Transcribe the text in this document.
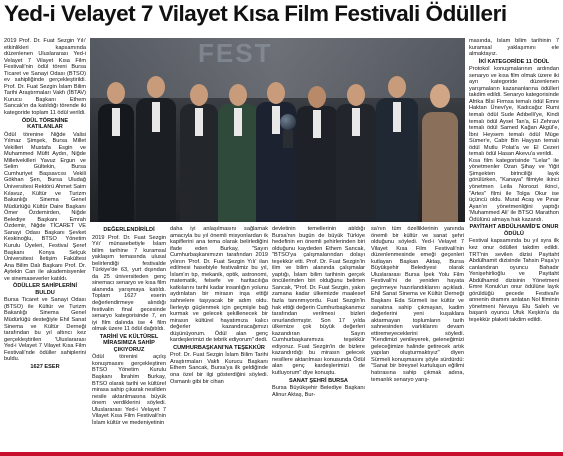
Yed-i Velayet 7 Vilayet Kısa Film Festivali Ödülleri

2019 Prof. Dr. Fuat Sezgin Yılı' etkinlikleri kapsamında düzenlenen Uluslararası Yed-i Velayet 7 Vilayet Kısa Film Festivali'nin ödül töreni Bursa Ticaret ve Sanayi Odası (BTSO) ev sahipliğinde gerçekleştirildi. Prof. Dr. Fuat Sezgin İslam Bilim Tarihi Araştırmaları Vakfı (İBTAV) Kurucu Başkanı Ethem Sancak'ın da katıldığı törende iki kategoride toplam 11 ödül verildi.

ÖDÜL TÖRENİNE KATILANLAR

Ödül törenine Niğde Valisi Yılmaz Şimşek, Bursa Millet Vekilleri Mustafa Esgin ve Muhammed Müfit Aydın, Niğde Milletvekilleri Yavuz Ergun ve Selim Gültekin, Bursa Cumhuriyet Başsavcısı Vekili Gökhan Şen, Bursa Uludağ Üniversitesi Rektörü Ahmet Saim Kılavuz, Kültür ve Turizm Bakanlığı Sinema Genel Müdürlüğü Kültür Daire Başkanı Ömer Özdemirden, Niğde Belediye Başkanı Emrah Özdemir, Niğde TİCARET VE Sanayi Odası Başkanı Şevket Keskinoğlu, BTSO Yönetim Kurulu Üyeleri, Festival Şeref Başkanı Konya Selçuk Üniversitesi İletişim Fakültesi Ana Bilim Dalı Başkanı Prof. Dr. Aytekin Can ile akademisyenler ve sinemaseverler katıldı.

ÖDÜLLER SAHİPLERİNİ BULDU

Bursa Ticaret ve Sanayi Odası (BTSO) ile Kültür ve Turizm Bakanlığı Sinema Genel Müdürlüğü desteğiyle Ehil Sanat Sinema ve Kültür Derneği tarafından bu yıl altıncı kez gerçekleştirilen 'Uluslararası Yed-i Velayet 7 Vilayet Kısa Film Festivali'nde ödüller sahiplerini buldu.

1627 ESER
FEST
DEĞERLENDİRİLDİ

2019 Prof. Dr. Fuat Sezgin Yılı' münasebetiyle İslam bilim tarihine 7 kuramsal yaklaşım temasında ulusal belirlendiği festivalde Türkiye'de 63, yurt dışından da 25 üniversiteden genç sinemacı senaryo ve kısa film alanında yarışmaya katıldı. Toplam 1627 eserin değerlendirmeye alındığı festivalin final gecesinde senaryo kategorisinde 7, en iyi film dalında ise 4 film olmak üzere 11 ödül dağıtıldı.

TARİHİ VE KÜLTÜREL MİRASIMIZA SAHİP ÇIKIYORUZ

Ödül törenini açılış konuşmasını gerçekleştiren BTSO Yönetim Kurulu Başkanı İbrahim Burkay, BTSO olarak tarihi ve kültürel mirasa sahip çıkarak nesilden nesile aktarılmasına büyük önem verdiklerini söyledi. Uluslararası Yed-i Velayet 7 Vilayet Kısa Film Festivali'nin İslam kültür ve medeniyetinin

daha iyi anlaşılmasını sağlamak amacıyla bu yıl önemli misyonlardan ik kapiflerini ana tema olarak belirlediğini ifade eden Burkay, "Sayın Cumhurbaşkanımızın tarafından 2019 yılının 'Prof. Dr. Fuat Sezgin Yılı' ilan edilmesi hasebiyle festivalimiz bu yıl, İslam'ın tıp, mekanik, optik, astronomi, matematik, felsefe ve haritacılığa katkılarını tarihi kadar insanlığın yolunu aydınlatan bir mirasın inşa ettiği sahnelere taşıyacak bir adım oldu. İlerleyip güçlenmek için geçmişle bağ kurmak ve gelecek şekillenecek bir mirasın kültürel hayatımıza kalıcı değerler kazandıracağımızı düşünüyorum. Ödül alan genç kardeşlerimizi de tebrik ediyorum" dedi.

CUMHURBAŞKANI'NA TEŞEKKÜR

Prof. Dr. Fuat Sezgin İslam Bilim Tarihi Araştırmaları Vakfı Kurucu Başkanı Ethem Sancak, Bursa'ya ilk geldiğinde ona özel bir ilgi gösterdiğini söyledi. Osmanlı gibi bir cihan

devletinin temellerinin atıldığı Bursa'nın bugün de büyük Türkiye hedefinin en önemli şehirlerinden biri olduğunu kaydeden Ethem Sancak, "BTSO'ya çalışmalarından dolayı teşekkür etti. Prof. Dr. Fuat Sezgin'in ilim ve bilim alanında çalışmalar yaptığı, İslam bilim tarihinin gerçek öncülerinden biri olduğunu belirten Sancak, "Prof. Dr. Fuat Sezgin, yakın zamana kadar ülkemizde maalesef fazla tanınmıyordu. Fuat Sezgin'in hak ettiği değerin Cumhurbaşkanımız tarafından verilmesi bizleri onurlandırmıştır. Son 17 yılda ülkemize çok büyük değerleri kazandıran Sayın Cumhurbaşkanımıza teşekkür ediyoruz. Fuat Sezgin'in de bizlere kazandırdığı bu mirasın gelecek nesillere aktarılması konusunda Ödül alan genç kardeşlerimizi de kutluyorum" diye konuştu.

SANAT ŞEHRİ BURSA

Bursa Büyükşehir Belediye Başkanı Alinur Aktaş, Bur-

sa'nın tüm özelliklerinin yanında önemli bir kültür ve sanat şehri olduğunu söyledi. Yed-i Velayet 7 Vilayet Kısa Film Festivali'nin düzenlenmesinde emeği geçenleri kutlayan Başkan Aktaş, Bursa Büyükşehir Belediyesi olarak Uluslararası Bursa İpek Yolu Film Festivali'ni de yeniden hayata geçirmeye hazırlandıklarını açıkladı. Ehil Sanat Sinema ve Kültür Derneği Başkanı Eda Sürmeli ise kültür ve sanatına sahip çıkmayan, kadim değerlerini yeni kuşaklara aktarmayan toplumların tarih sahnesinden varlıklarını devam ettiremeyeceklerini söyledi. "Kendimizi yenileyerek, geleneğimizi geleceğimize halinde getirecek artık yapılan oluşturmaktıyız" diyen Sürmeli konuşmasını şöyle sürdürdü: "Sanat bir bireysel kurtuluşun eğilimi hatırasına sahip çıkmak adına, temanlık senaryo yarış-

masında, İslam bilim tarihinin 7 kuramsal yaklaşımını ele almaktayız.

İKİ KATEGORİDE 11 ÖDÜL

Protokol konuşmalarının ardından senaryo ve kısa film olmak üzere iki ayrı kategoride düzenlenen yarışmaların kazananlarına ödülleri takdim edildi. Senaryo kategorisinde Afrika Bİsi Firmsa temalı ödül Emre Haktan Ünevi'ye, Kadıcağız Rumi temalı ödül Sude Adıbelli'ye, Kindi temalı ödül Aysel Tan'a, El Zehravi temalı ödül Samed Kağan Akgül'e, İbni Heysem temalı ödül Müge Sümer'e, Cabir Bin Hayyan temalı ödül Mutlu Polat'a ve El Cezeri temalı ödül Hasan Akevu'a verildi.

Kısa film kategorisinde "Lelar" ile yönetmenler Ozan Şihay ve Yiğit Şimşekten birinciliği layık görülürken, "Kanaya" filmiyle ikinci yönetmen Leila Noroozi ikinci, "Artes" filmi ile Tolga Okur ise üçüncü oldu. Murat Acaş ve Pınar Ayan'ın yönetmenliğini yaptığı 'Muhammed Ali' ile BTSO Marathon Ödülünü almaya hak kazandı.

PAYİTAHT ABDÜLHAMİD'E ONUR ÖDÜLÜ

Festival kapsamında bu yıl syra ilk kez onur ödülleri takdim edildi. TRT'nin sevilen dizisi Payitaht Abdülhamit dizisinde Tahsin Paşa'yı canlandıran oyuncu Bahadır Yenişehirlioğlu ve Payitaht Abdülhamid dizisinin Yönetmeni Emre Konuk'un onur ödülüne layık görüldüğü gecede Festival'e annenin dramını anlatan Nol filminin yönetmeni Nevaya Elu Saleh ve başarılı oyuncu Ufuk Keşkin'a da teşekkür plaketi takdim edildi.
